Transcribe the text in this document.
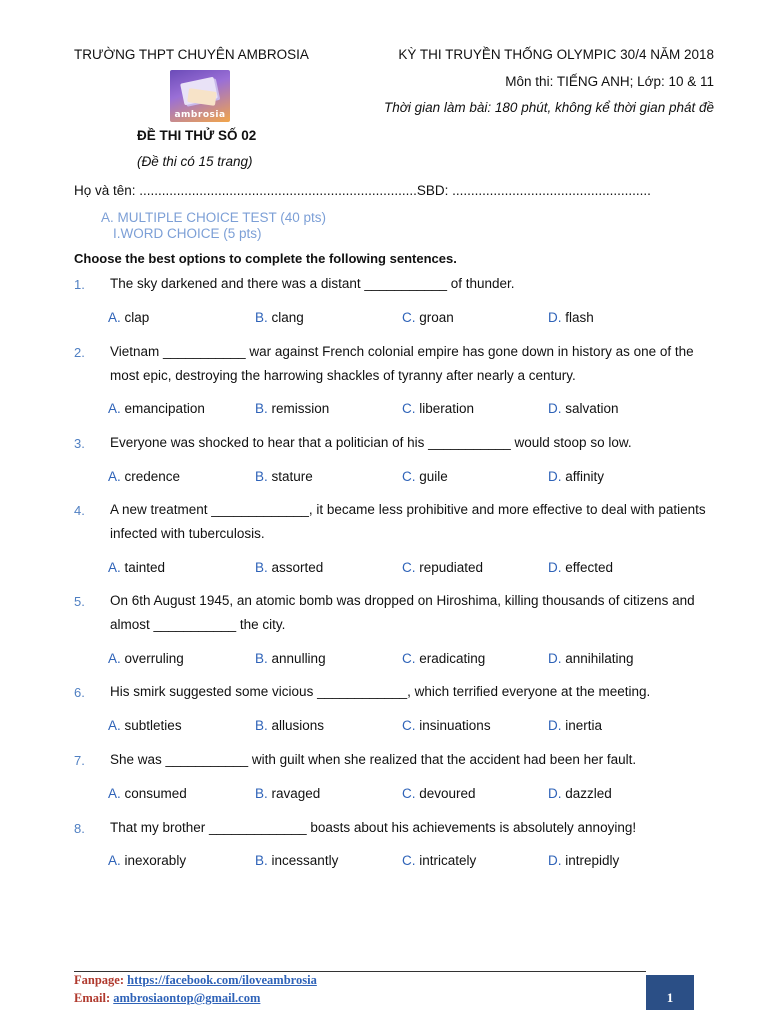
TRƯỜNG THPT CHUYÊN AMBROSIA	KỲ THI TRUYỀN THỐNG OLYMPIC 30/4 NĂM 2018
Môn thi: TIẾNG ANH; Lớp: 10 & 11
Thời gian làm bài: 180 phút, không kể thời gian phát đề
ambrosia
ĐỀ THI THỬ SỐ 02
(Đề thi có 15 trang)
Họ và tên: ..........................................................................SBD: .....................................................
A. MULTIPLE CHOICE TEST (40 pts)
I.WORD CHOICE (5 pts)
Choose the best options to complete the following sentences.
1. The sky darkened and there was a distant ___________ of thunder.
A. clap	B. clang	C. groan	D. flash
2. Vietnam ___________ war against French colonial empire has gone down in history as one of the most epic, destroying the harrowing shackles of tyranny after nearly a century.
A. emancipation	B. remission	C. liberation	D. salvation
3. Everyone was shocked to hear that a politician of his ___________ would stoop so low.
A. credence	B. stature	C. guile	D. affinity
4. A new treatment _____________, it became less prohibitive and more effective to deal with patients infected with tuberculosis.
A. tainted	B. assorted	C. repudiated	D. effected
5. On 6th August 1945, an atomic bomb was dropped on Hiroshima, killing thousands of citizens and almost ___________ the city.
A. overruling	B. annulling	C. eradicating	D. annihilating
6. His smirk suggested some vicious ____________, which terrified everyone at the meeting.
A. subtleties	B. allusions	C. insinuations	D. inertia
7. She was ___________ with guilt when she realized that the accident had been her fault.
A. consumed	B. ravaged	C. devoured	D. dazzled
8. That my brother _____________ boasts about his achievements is absolutely annoying!
A. inexorably	B. incessantly	C. intricately	D. intrepidly
Fanpage: https://facebook.com/iloveambrosia
Email: ambrosiaontop@gmail.com	1
